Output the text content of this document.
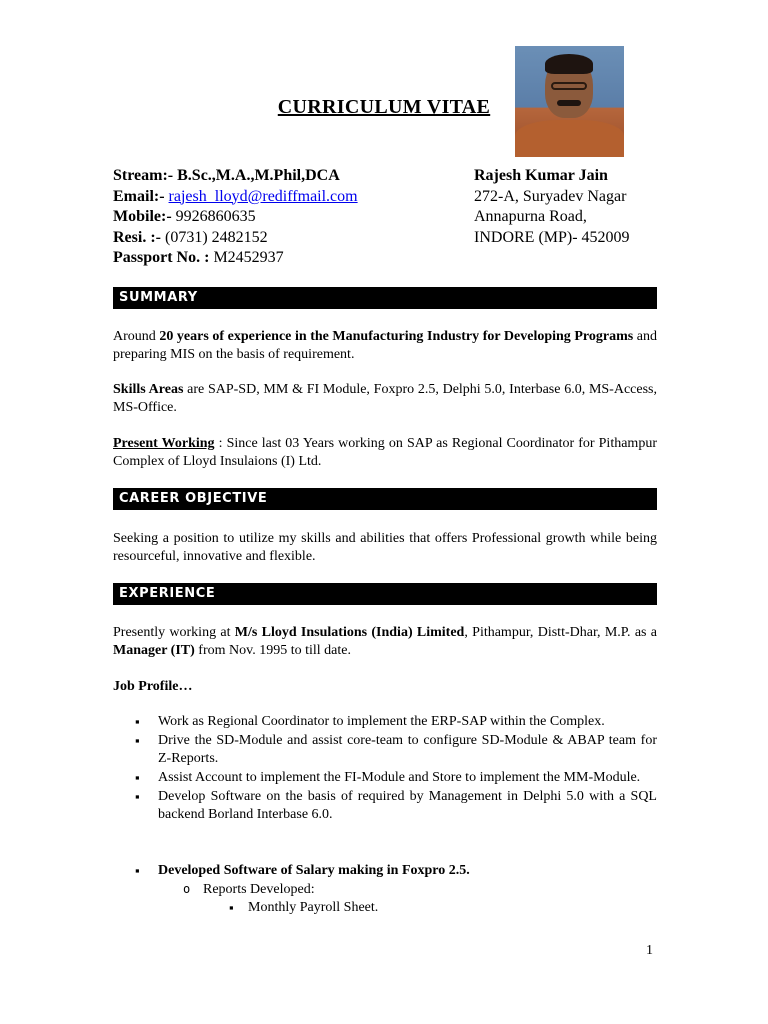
CURRICULUM VITAE
Stream:- B.Sc.,M.A.,M.Phil,DCA
Email:- rajesh_lloyd@rediffmail.com
Mobile:- 9926860635
Resi. :- (0731) 2482152
Passport No. : M2452937
Rajesh Kumar Jain
272-A, Suryadev Nagar
Annapurna Road,
INDORE (MP)- 452009
SUMMARY
Around 20 years of experience in the Manufacturing Industry for Developing Programs and preparing MIS on the basis of requirement.
Skills Areas are SAP-SD, MM & FI Module, Foxpro 2.5, Delphi 5.0, Interbase 6.0, MS-Access, MS-Office.
Present Working : Since last 03 Years working on SAP as Regional Coordinator for Pithampur Complex of Lloyd Insulaions (I) Ltd.
CAREER OBJECTIVE
Seeking a position to utilize my skills and abilities that offers Professional growth while being resourceful, innovative and flexible.
EXPERIENCE
Presently working at M/s Lloyd Insulations (India) Limited, Pithampur, Distt-Dhar, M.P. as a Manager (IT) from Nov. 1995 to till date.
Job Profile…
▪ Work as Regional Coordinator to implement the ERP-SAP within the Complex.
▪ Drive the SD-Module and assist core-team to configure SD-Module & ABAP team for Z-Reports.
▪ Assist Account to implement the FI-Module and Store to implement the MM-Module.
▪ Develop Software on the basis of required by Management in Delphi 5.0 with a SQL backend Borland Interbase 6.0.
▪ Developed Software of Salary making in Foxpro 2.5.
o Reports Developed:
▪ Monthly Payroll Sheet.
1
